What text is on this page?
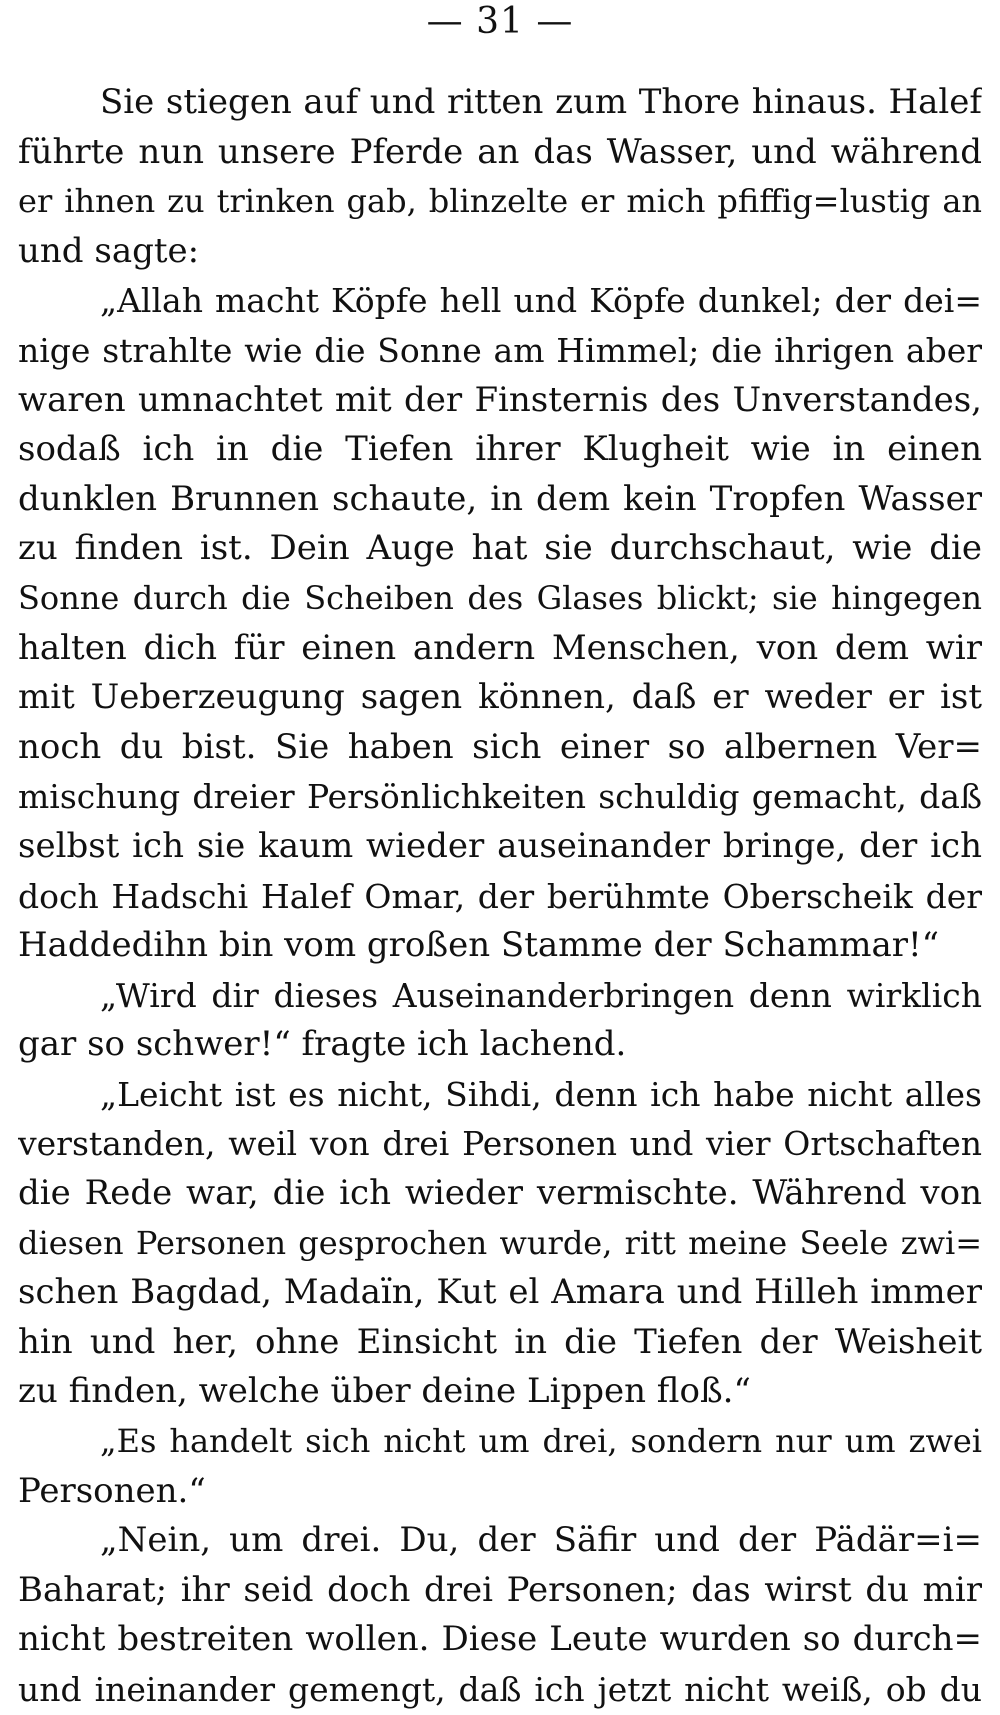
— 31 —
Sie stiegen auf und ritten zum Thore hinaus. Halef
führte nun unsere Pferde an das Wasser, und während
er ihnen zu trinken gab, blinzelte er mich pfiffig=lustig an
und sagte:
„Allah macht Köpfe hell und Köpfe dunkel; der dei=
nige strahlte wie die Sonne am Himmel; die ihrigen aber
waren umnachtet mit der Finsternis des Unverstandes,
sodaß ich in die Tiefen ihrer Klugheit wie in einen
dunklen Brunnen schaute, in dem kein Tropfen Wasser
zu finden ist. Dein Auge hat sie durchschaut, wie die
Sonne durch die Scheiben des Glases blickt; sie hingegen
halten dich für einen andern Menschen, von dem wir
mit Ueberzeugung sagen können, daß er weder er ist
noch du bist. Sie haben sich einer so albernen Ver=
mischung dreier Persönlichkeiten schuldig gemacht, daß
selbst ich sie kaum wieder auseinander bringe, der ich
doch Hadschi Halef Omar, der berühmte Oberscheik der
Haddedihn bin vom großen Stamme der Schammar!“
„Wird dir dieses Auseinanderbringen denn wirklich
gar so schwer!“ fragte ich lachend.
„Leicht ist es nicht, Sihdi, denn ich habe nicht alles
verstanden, weil von drei Personen und vier Ortschaften
die Rede war, die ich wieder vermischte. Während von
diesen Personen gesprochen wurde, ritt meine Seele zwi=
schen Bagdad, Madaïn, Kut el Amara und Hilleh immer
hin und her, ohne Einsicht in die Tiefen der Weisheit
zu finden, welche über deine Lippen floß.“
„Es handelt sich nicht um drei, sondern nur um zwei
Personen.“
„Nein, um drei. Du, der Säfir und der Pädär=i=
Baharat; ihr seid doch drei Personen; das wirst du mir
nicht bestreiten wollen. Diese Leute wurden so durch=
und ineinander gemengt, daß ich jetzt nicht weiß, ob du
